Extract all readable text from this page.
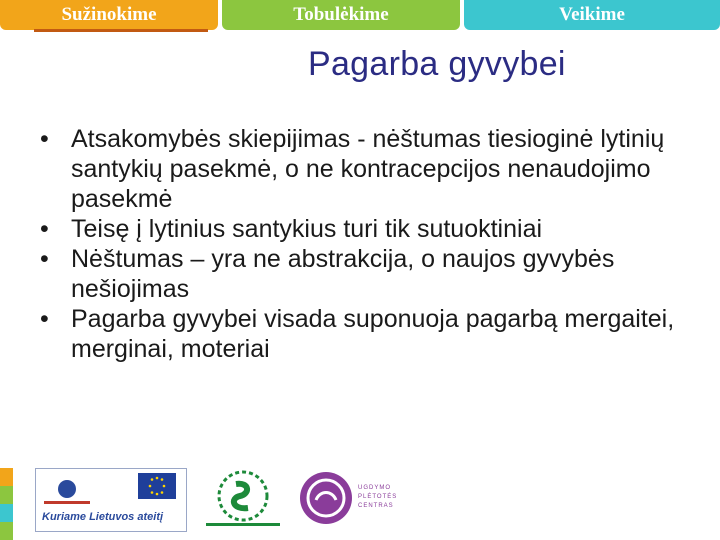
Sužinokime	Tobulėkime	Veikime
Pagarba gyvybei
• Atsakomybės skiepijimas - nėštumas tiesioginė lytinių santykių pasekmė, o ne kontracepcijos nenaudojimo pasekmė
• Teisę į lytinius santykius turi tik sutuoktiniai
• Nėštumas – yra ne abstrakcija, o naujos gyvybės nešiojimas
• Pagarba gyvybei visada suponuoja pagarbą mergaitei, merginai, moteriai
Kuriame Lietuvos ateitį
UGDYMO PLĖTOTĖS CENTRAS
